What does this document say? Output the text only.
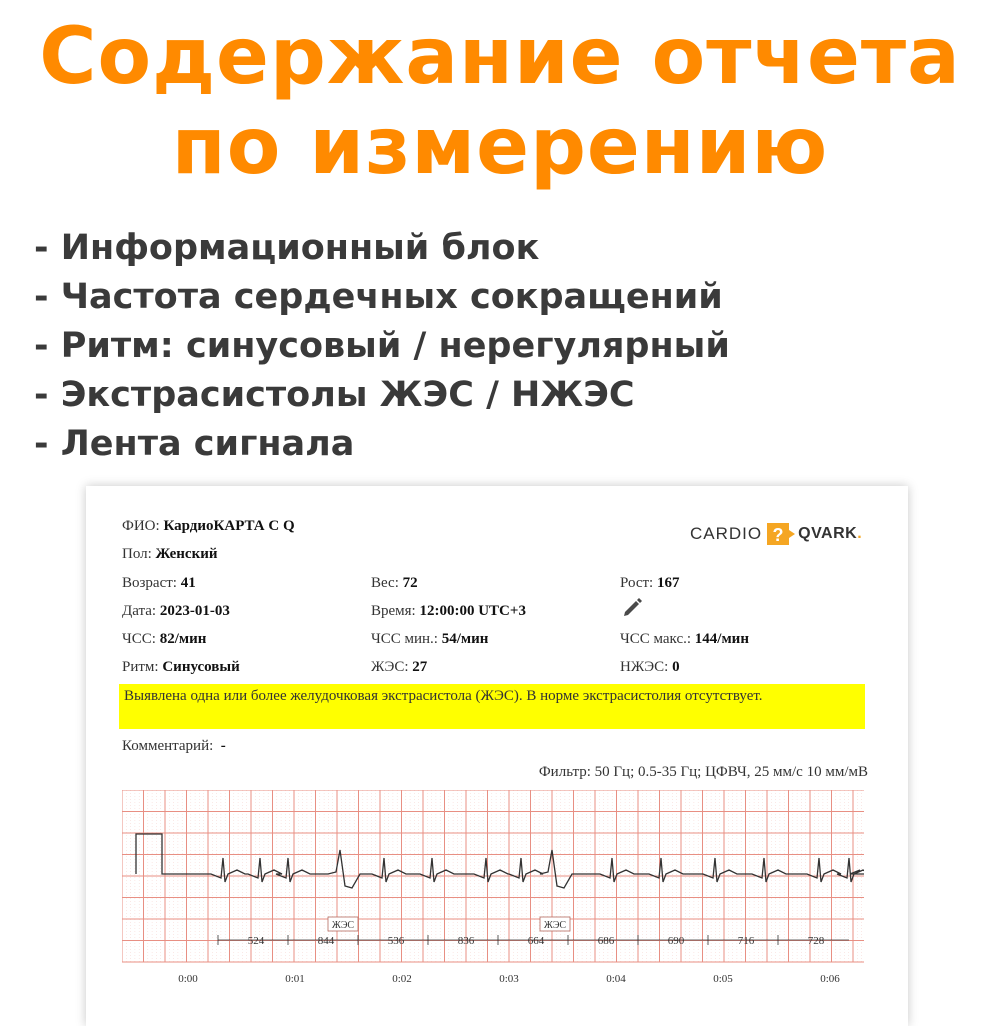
Содержание отчета
по измерению
- Информационный блок
- Частота сердечных сокращений
- Ритм: синусовый / нерегулярный
- Экстрасистолы ЖЭС / НЖЭС
- Лента сигнала
ФИО: КардиоКАРТА С Q
Пол: Женский
CARDIO ? QVARK .
Возраст: 41	Вес: 72	Рост: 167
Дата: 2023-01-03	Время: 12:00:00 UTC+3
ЧСС: 82/мин	ЧСС мин.: 54/мин	ЧСС макс.: 144/мин
Ритм: Синусовый	ЖЭС: 27	НЖЭС: 0
Выявлена одна или более желудочковая экстрасистола (ЖЭС). В норме экстрасистолия отсутствует.
Комментарий: -
Фильтр: 50 Гц; 0.5-35 Гц; ЦФВЧ, 25 мм/с 10 мм/мВ
ЖЭС	ЖЭС
524	844	536	836	664	686	690	716	728
0:00	0:01	0:02	0:03	0:04	0:05	0:06
